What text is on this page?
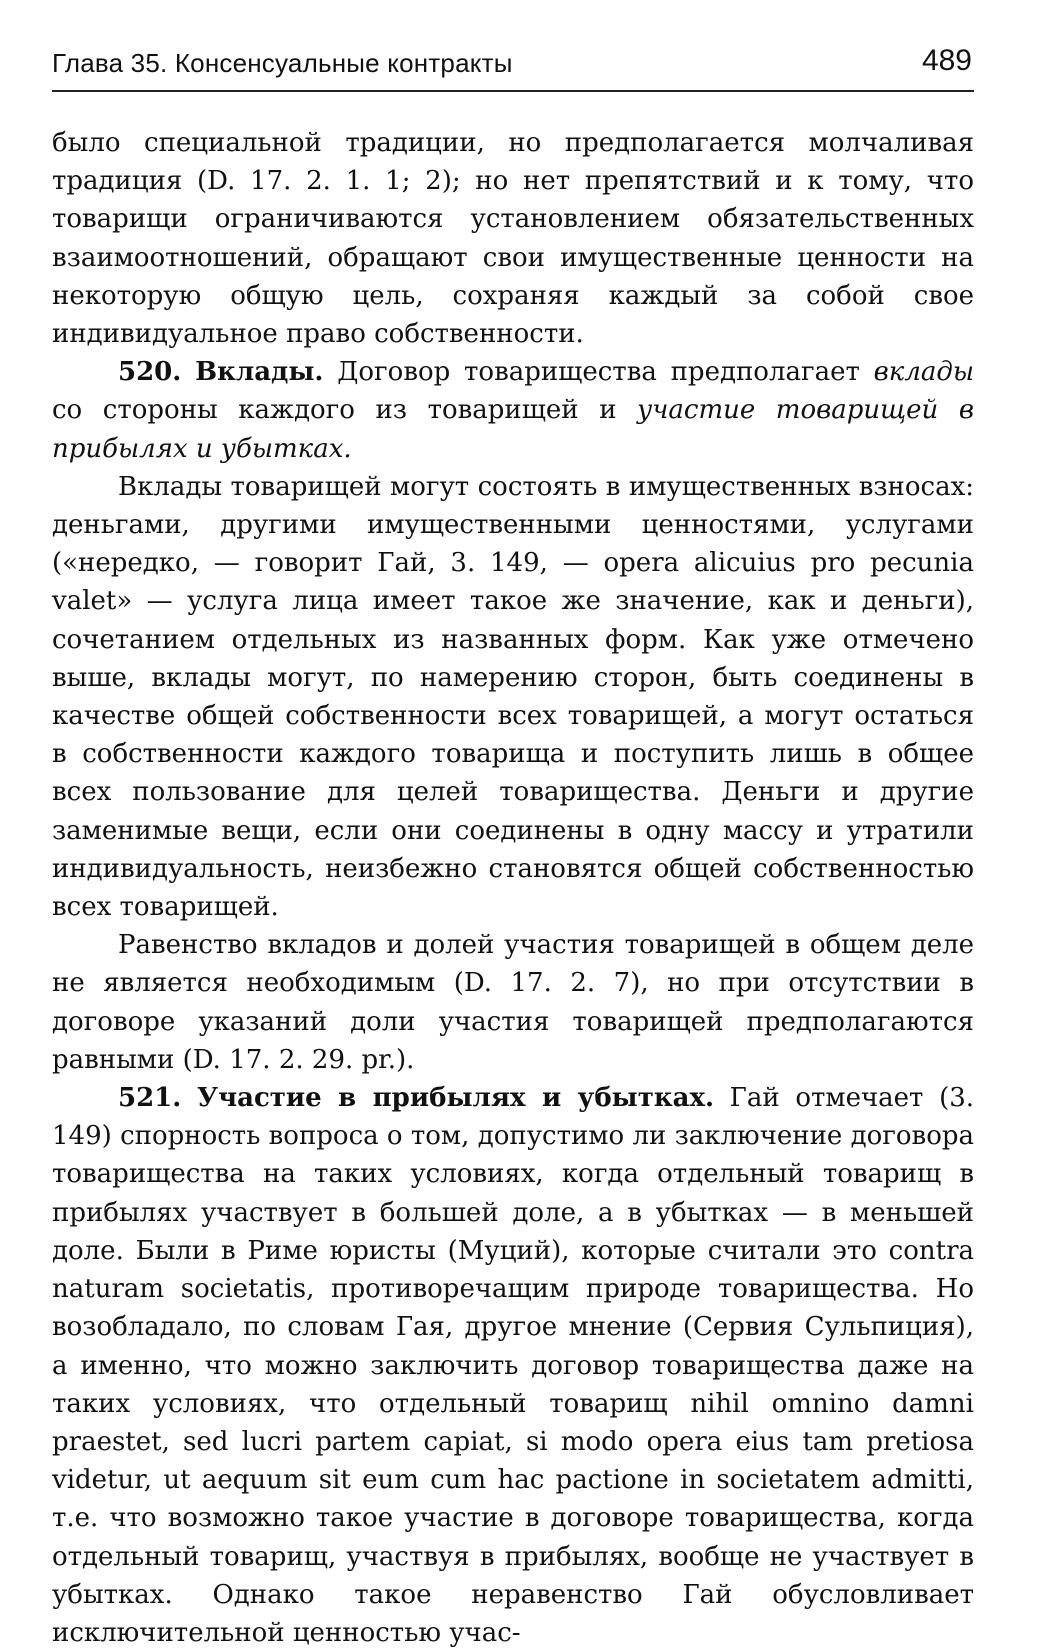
Глава 35. Консенсуальные контракты	489

было специальной традиции, но предполагается молчаливая традиция (D. 17. 2. 1. 1; 2); но нет препятствий и к тому, что товарищи ограничиваются установлением обязательственных взаимоотношений, обращают свои имущественные ценности на некоторую общую цель, сохраняя каждый за собой свое индивидуальное право собственности.

520. Вклады. Договор товарищества предполагает вклады со стороны каждого из товарищей и участие товарищей в прибылях и убытках.

Вклады товарищей могут состоять в имущественных взносах: деньгами, другими имущественными ценностями, услугами («нередко, — говорит Гай, 3. 149, — opera alicuius pro pecunia valet» — услуга лица имеет такое же значение, как и деньги), сочетанием отдельных из названных форм. Как уже отмечено выше, вклады могут, по намерению сторон, быть соединены в качестве общей собственности всех товарищей, а могут остаться в собственности каждого товарища и поступить лишь в общее всех пользование для целей товарищества. Деньги и другие заменимые вещи, если они соединены в одну массу и утратили индивидуальность, неизбежно становятся общей собственностью всех товарищей.

Равенство вкладов и долей участия товарищей в общем деле не является необходимым (D. 17. 2. 7), но при отсутствии в договоре указаний доли участия товарищей предполагаются равными (D. 17. 2. 29. pr.).

521. Участие в прибылях и убытках. Гай отмечает (3. 149) спорность вопроса о том, допустимо ли заключение договора товарищества на таких условиях, когда отдельный товарищ в прибылях участвует в большей доле, а в убытках — в меньшей доле. Были в Риме юристы (Муций), которые считали это contra naturam societatis, противоречащим природе товарищества. Но возобладало, по словам Гая, другое мнение (Сервия Сульпиция), а именно, что можно заключить договор товарищества даже на таких условиях, что отдельный товарищ nihil omnino damni praestet, sed lucri partem capiat, si modo opera eius tam pretiosa videtur, ut aequum sit eum cum hac pactione in societatem admitti, т.е. что возможно такое участие в договоре товарищества, когда отдельный товарищ, участвуя в прибылях, вообще не участвует в убытках. Однако такое неравенство Гай обусловливает исключительной ценностью учас-
